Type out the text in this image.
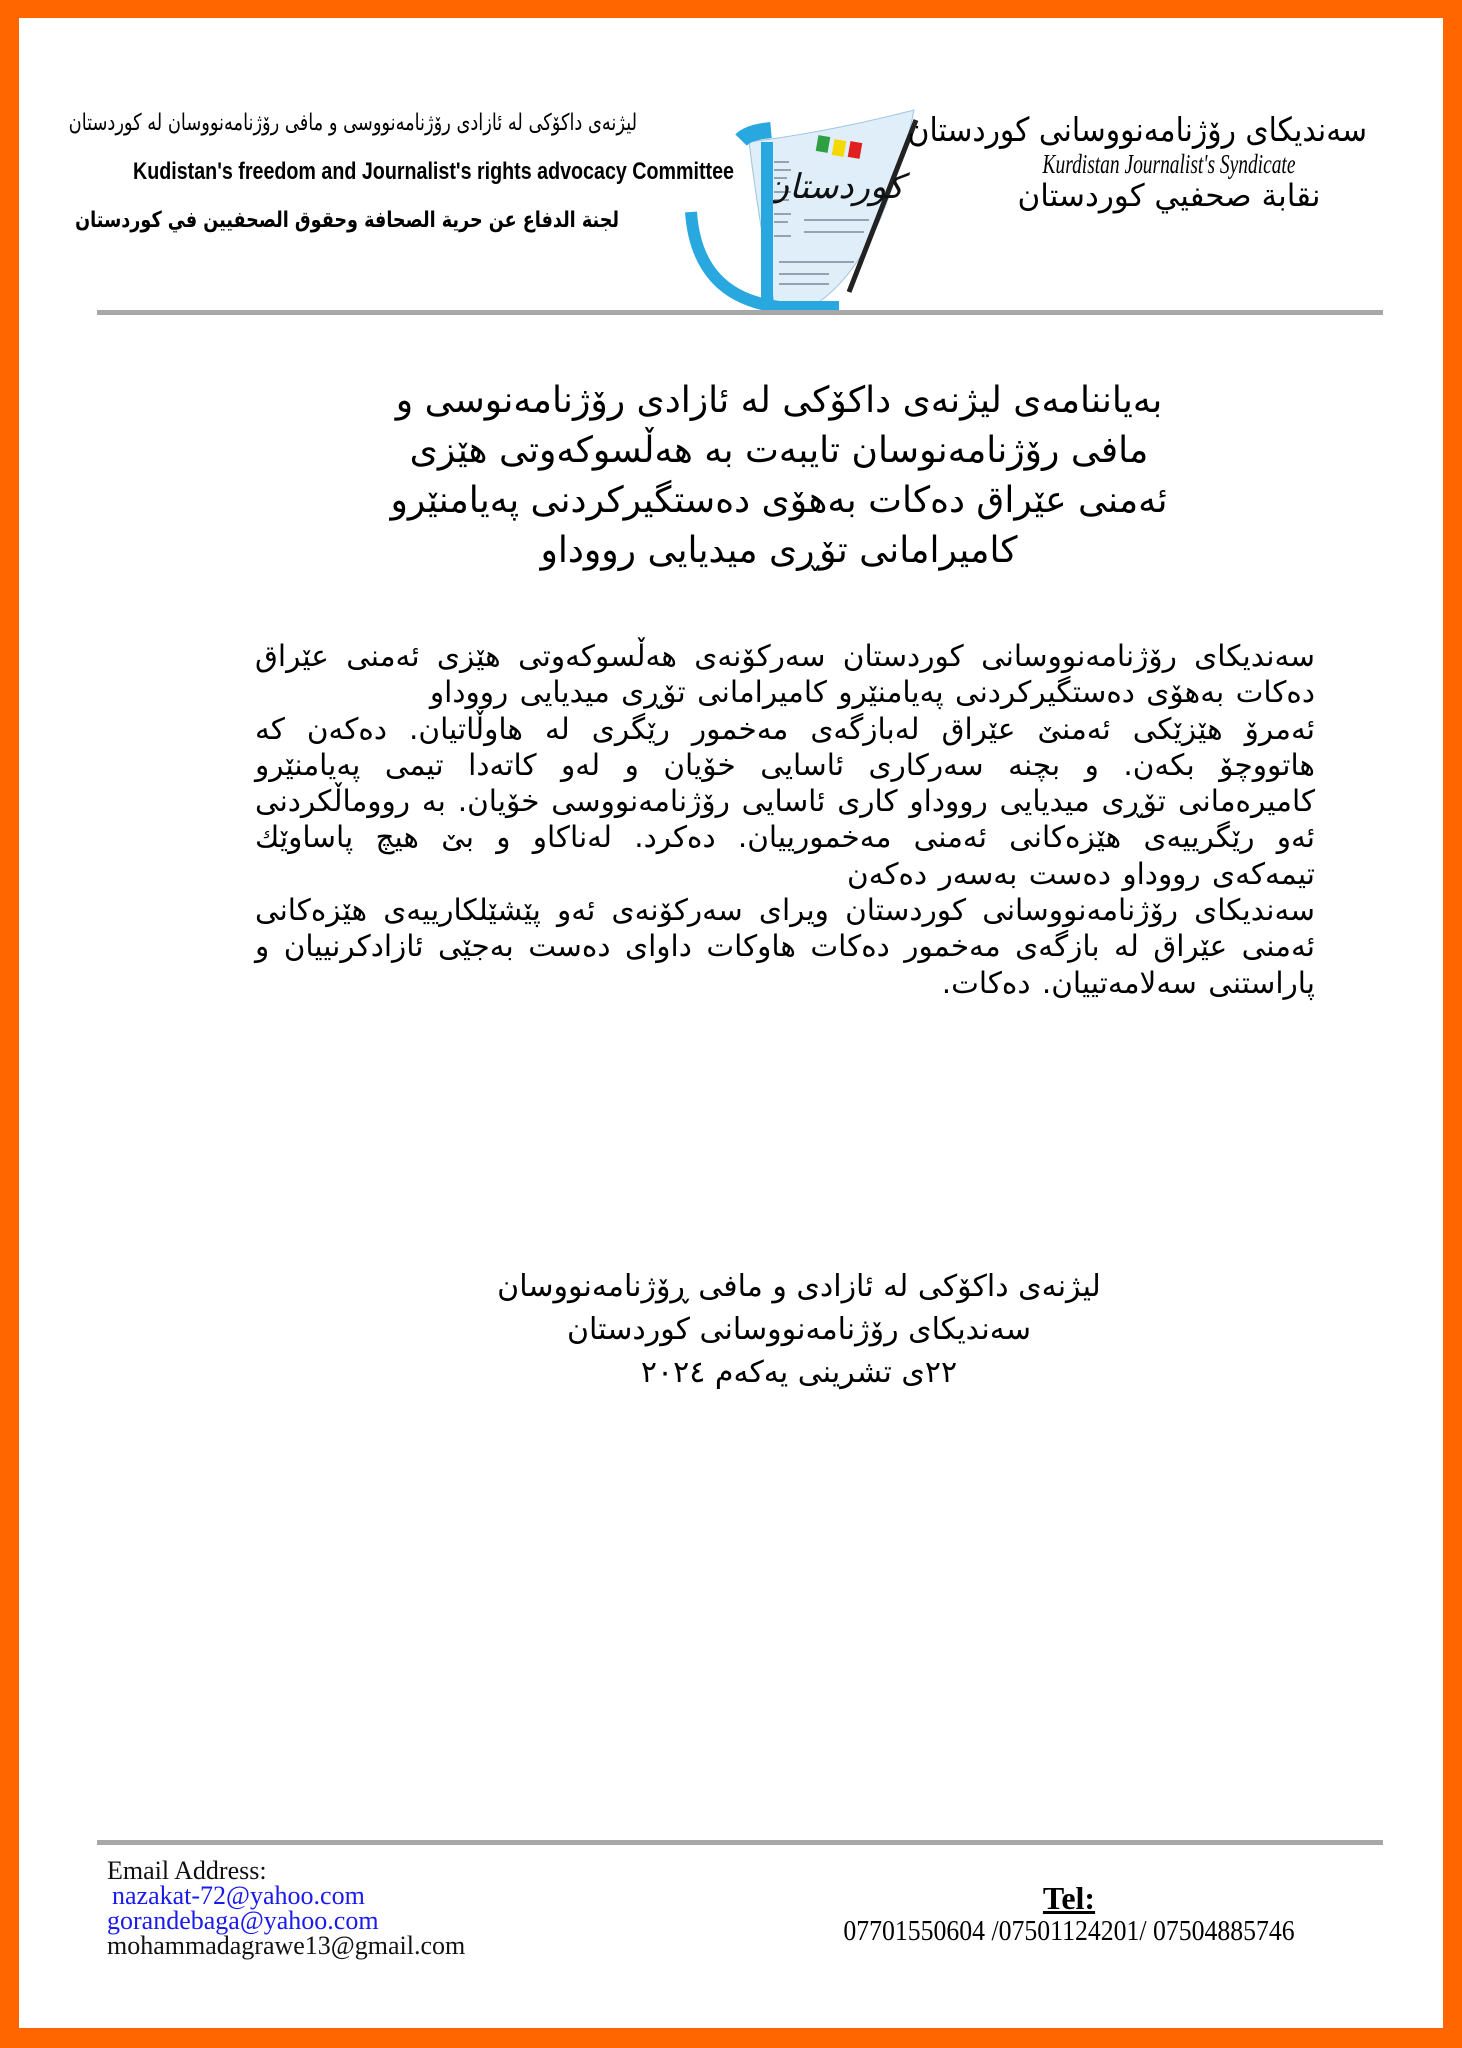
لیژنەی داكۆكی لە ئازادی رۆژنامەنووسی و مافی رۆژنامەنووسان لە كوردستان
Kudistan's freedom and Journalist's rights advocacy Committee
لجنة الدفاع عن حرية الصحافة وحقوق الصحفيين في كوردستان
كوردستان
سەندیكای رۆژنامەنووسانی كوردستان
Kurdistan Journalist's Syndicate
نقابة صحفيي كوردستان
بەیاننامەی لیژنەی داكۆكی لە ئازادی رۆژنامەنوسی و
مافی رۆژنامەنوسان تایبەت بە هەڵسوكەوتی هێزی
ئەمنی عێراق دەكات بەهۆی دەستگیركردنی پەیامنێرو
كامیرامانی تۆڕی میدیایی رووداو

سەندیكای رۆژنامەنووسانی كوردستان سەركۆنەی هەڵسوكەوتی هێزی ئەمنی عێراق دەكات بەهۆی دەستگیركردنی پەیامنێرو كامیرامانی تۆڕی میدیایی رووداو

ئەمرۆ هێزێكی ئەمنێ عێراق لەبازگەی مەخمور رێگری لە هاوڵاتیان. دەكەن كە هاتووچۆ بكەن. و بچنە سەركاری ئاسایی خۆیان و لەو كاتەدا تیمی پەیامنێرو كامیرەمانی تۆڕی میدیایی رووداو كاری ئاسایی رۆژنامەنووسی خۆیان. بە رووماڵكردنی ئەو رێگرییەی هێزەكانی ئەمنی مەخمورییان. دەكرد. لەناكاو و بێ هیچ پاساوێك تیمەكەی رووداو دەست بەسەر دەكەن

سەندیكای رۆژنامەنووسانی كوردستان ویرای سەركۆنەی ئەو پێشێلكارییەی هێزەكانی ئەمنی عێراق لە بازگەی مەخمور دەكات هاوكات داوای دەست بەجێی ئازادكرنییان و پاراستنی سەلامەتییان. دەكات.

لیژنەی داكۆكی لە ئازادی و مافی ڕۆژنامەنووسان
سەندیكای رۆژنامەنووسانی كوردستان
٢٢ی تشرینی یەكەم ٢٠٢٤
Email Address:
nazakat-72@yahoo.com
gorandebaga@yahoo.com
mohammadagrawe13@gmail.com
Tel:
07701550604 /07501124201/ 07504885746
